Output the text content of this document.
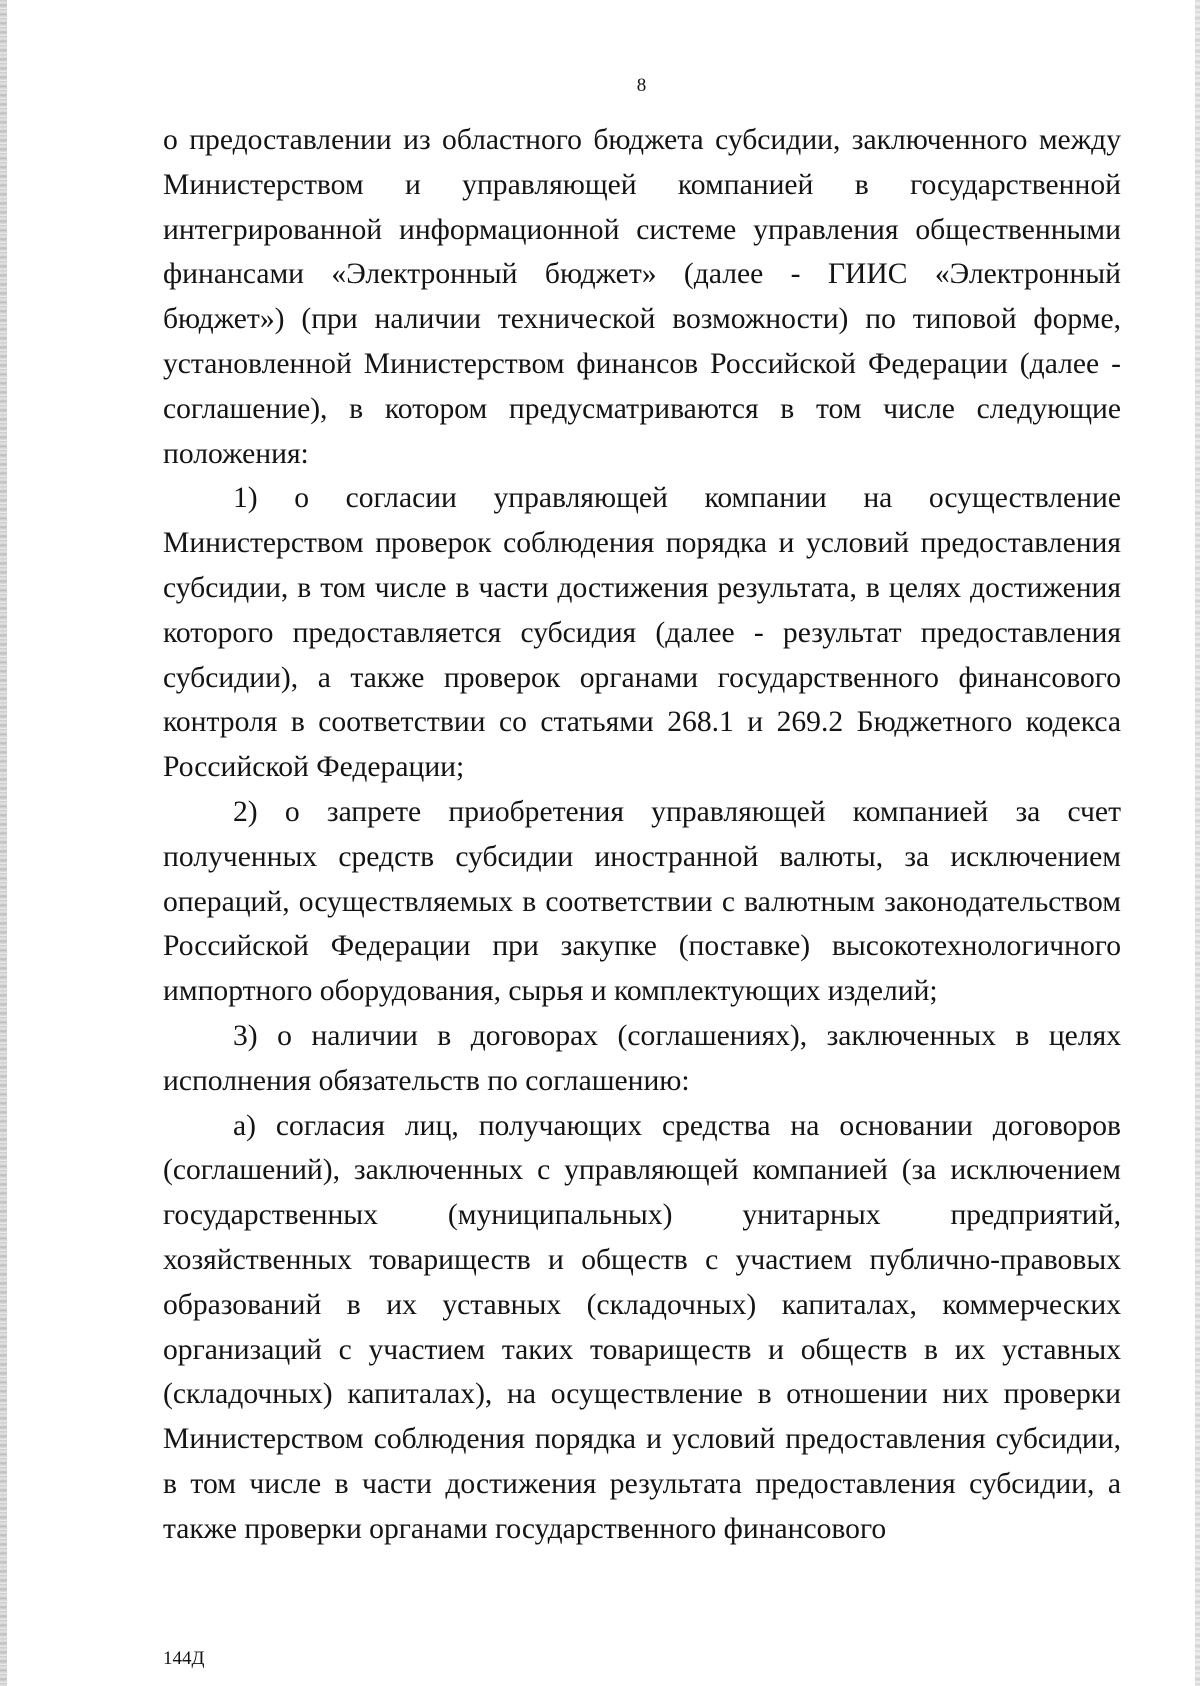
8

о предоставлении из областного бюджета субсидии, заключенного между Министерством и управляющей компанией в государственной интегрированной информационной системе управления общественными финансами «Электронный бюджет» (далее - ГИИС «Электронный бюджет») (при наличии технической возможности) по типовой форме, установленной Министерством финансов Российской Федерации (далее - соглашение), в котором предусматриваются в том числе следующие положения:

1) о согласии управляющей компании на осуществление Министерством проверок соблюдения порядка и условий предоставления субсидии, в том числе в части достижения результата, в целях достижения которого предоставляется субсидия (далее - результат предоставления субсидии), а также проверок органами государственного финансового контроля в соответствии со статьями 268.1 и 269.2 Бюджетного кодекса Российской Федерации;

2) о запрете приобретения управляющей компанией за счет полученных средств субсидии иностранной валюты, за исключением операций, осуществляемых в соответствии с валютным законодательством Российской Федерации при закупке (поставке) высокотехнологичного импортного оборудования, сырья и комплектующих изделий;

3) о наличии в договорах (соглашениях), заключенных в целях исполнения обязательств по соглашению:

а) согласия лиц, получающих средства на основании договоров (соглашений), заключенных с управляющей компанией (за исключением государственных (муниципальных) унитарных предприятий, хозяйственных товариществ и обществ с участием публично-правовых образований в их уставных (складочных) капиталах, коммерческих организаций с участием таких товариществ и обществ в их уставных (складочных) капиталах), на осуществление в отношении них проверки Министерством соблюдения порядка и условий предоставления субсидии, в том числе в части достижения результата предоставления субсидии, а также проверки органами государственного финансового

144Д
